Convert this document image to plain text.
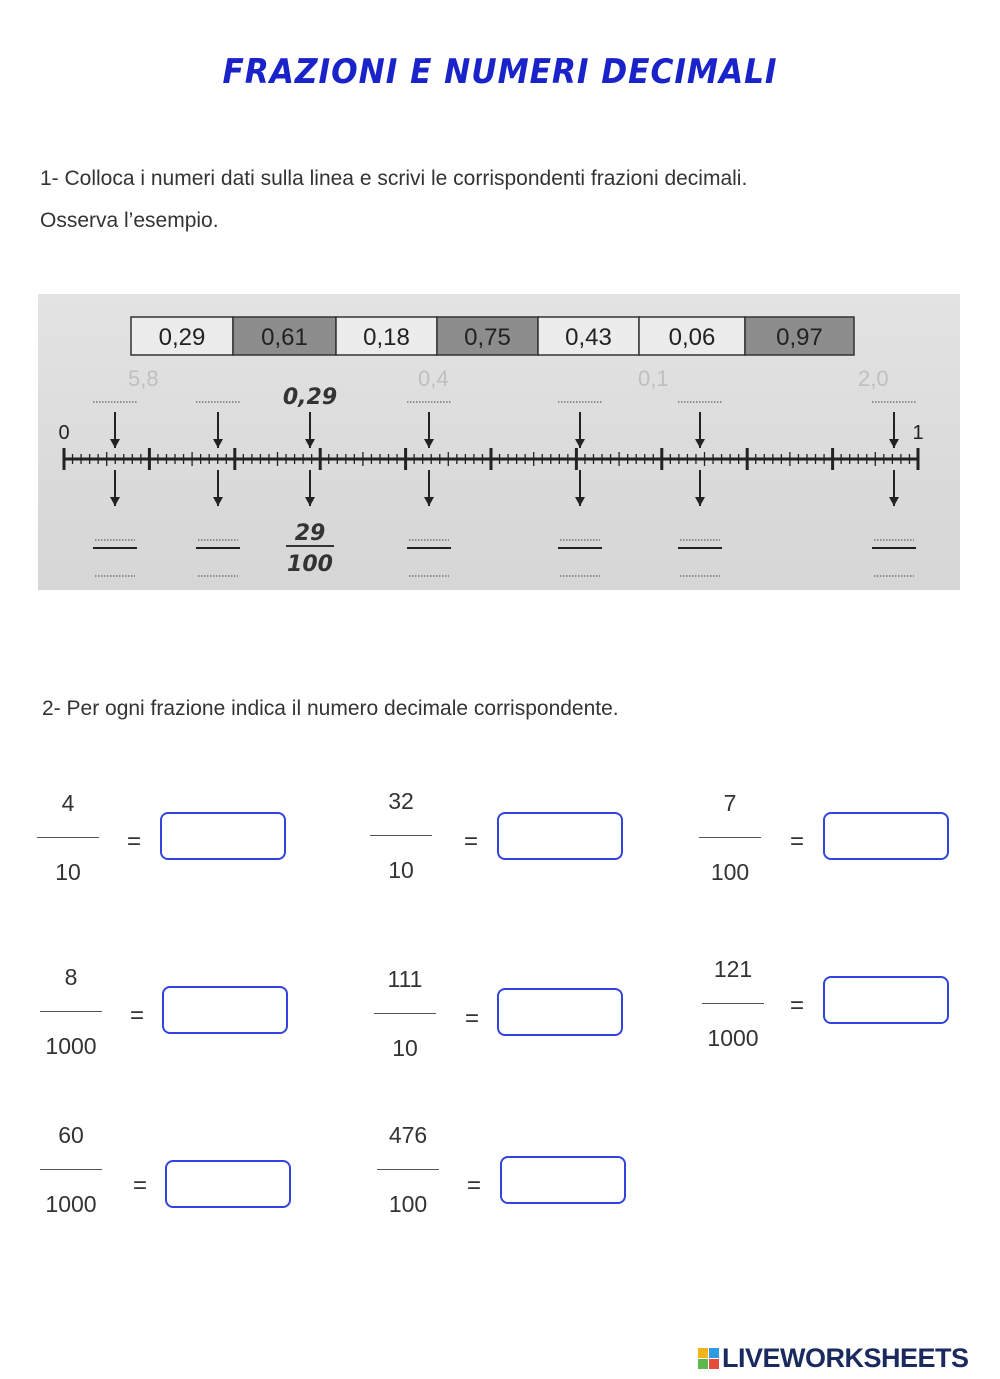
FRAZIONI E NUMERI DECIMALI
1- Colloca i numeri dati sulla linea e scrivi le corrispondenti frazioni decimali.
Osserva l’esempio.
0,29 0,61 0,18 0,75 0,43 0,06	0,97
5,8	0,4	0,1	2,0
0	1
0,29
29
100
2- Per ogni frazione indica il numero decimale corrispondente.
4
10
=
32
10
=
7
100
=
8
1000
=
111
10
=
121
1000
=
60
1000
=
476
100
=
LIVEWORKSHEETS
